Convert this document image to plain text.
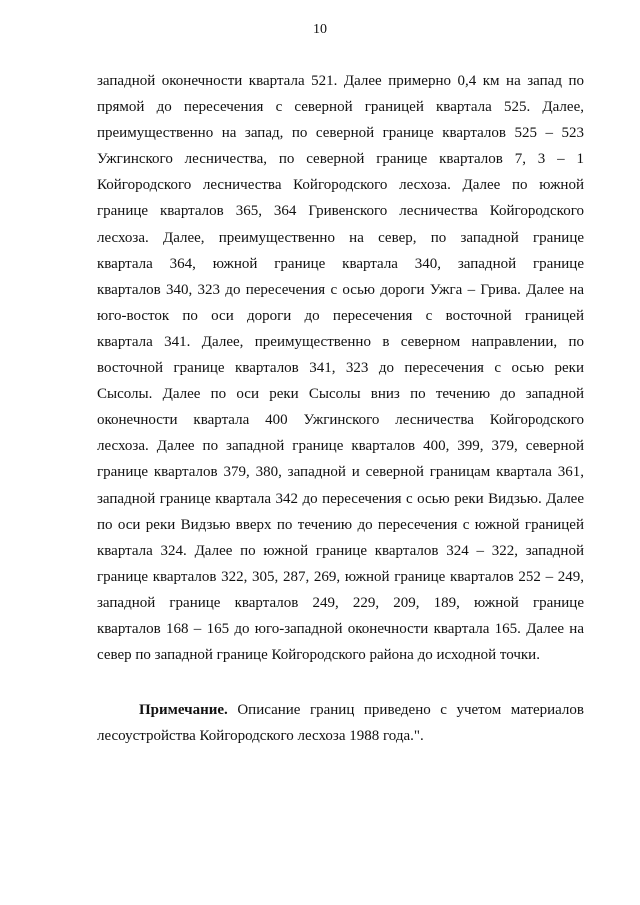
10
западной оконечности квартала 521. Далее примерно 0,4 км на запад по
прямой до пересечения с северной границей квартала 525. Далее,
преимущественно на запад, по северной границе кварталов 525 – 523
Ужгинского лесничества, по северной границе кварталов 7, 3 – 1
Койгородского лесничества Койгородского лесхоза. Далее по южной
границе кварталов 365, 364 Гривенского лесничества Койгородского
лесхоза. Далее, преимущественно на север, по западной границе
квартала 364, южной границе квартала 340, западной границе
кварталов 340, 323 до пересечения с осью дороги Ужга – Грива. Далее на
юго-восток по оси дороги до пересечения с восточной границей
квартала 341. Далее, преимущественно в северном направлении, по
восточной границе кварталов 341, 323 до пересечения с осью реки
Сысолы. Далее по оси реки Сысолы вниз по течению до западной
оконечности квартала 400 Ужгинского лесничества Койгородского
лесхоза. Далее по западной границе кварталов 400, 399, 379, северной
границе кварталов 379, 380, западной и северной границам квартала 361,
западной границе квартала 342 до пересечения с осью реки Видзью. Далее
по оси реки Видзью вверх по течению до пересечения с южной границей
квартала 324. Далее по южной границе кварталов 324 – 322, западной
границе кварталов 322, 305, 287, 269, южной границе кварталов 252 – 249,
западной границе кварталов 249, 229, 209, 189, южной границе
кварталов 168 – 165 до юго-западной оконечности квартала 165. Далее на
север по западной границе Койгородского района до исходной точки.
Примечание. Описание границ приведено с учетом материалов
лесоустройства Койгородского лесхоза 1988 года.".
